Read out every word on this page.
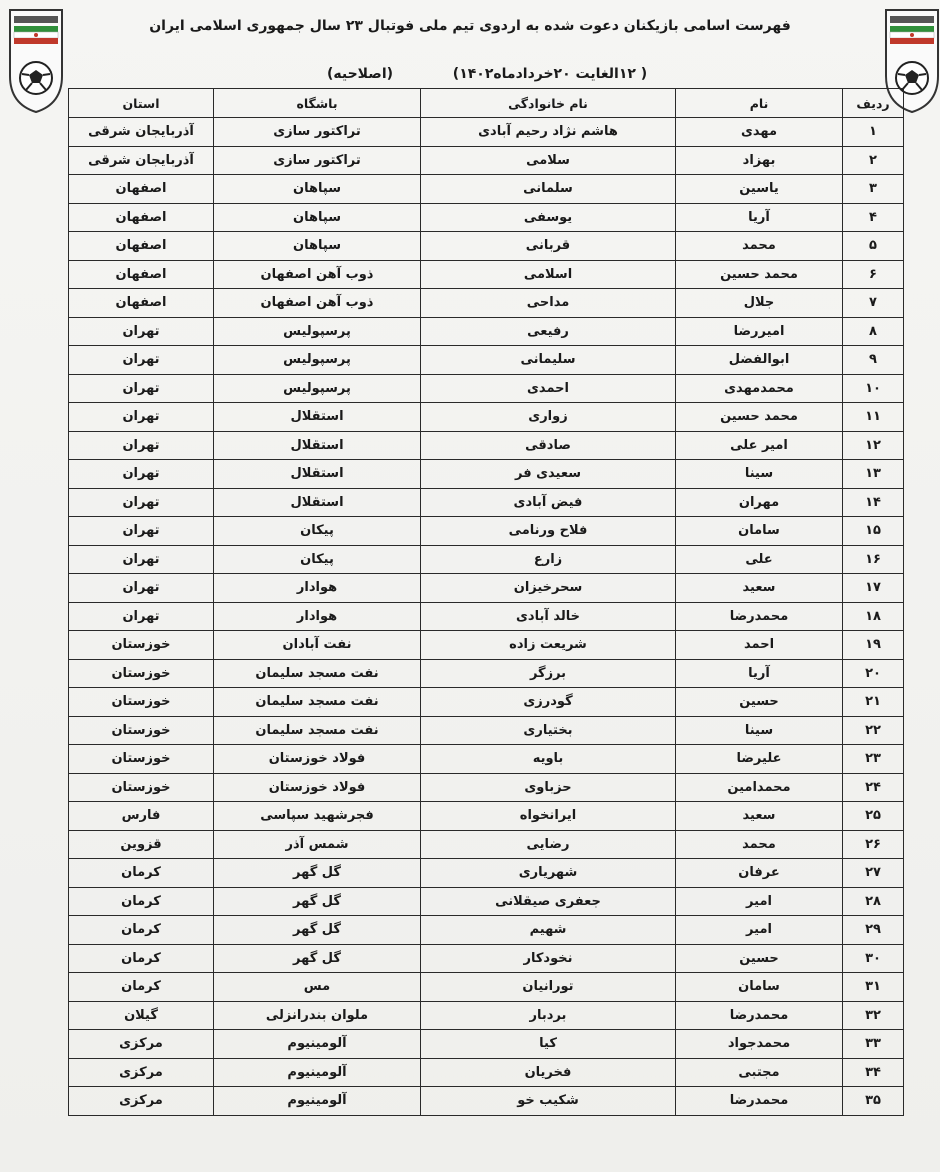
فهرست اسامی بازیکنان دعوت شده به اردوی تیم ملی فوتبال ۲۳ سال جمهوری اسلامی ایران
( ۱۲الغایت ۲۰خردادماه۱۴۰۲)
(اصلاحیه)
ردیف	نام	نام خانوادگی	باشگاه	استان
۱	مهدی	هاشم نژاد رحیم آبادی	تراکتور سازی	آذربایجان شرقی
۲	بهزاد	سلامی	تراکتور سازی	آذربایجان شرقی
۳	یاسین	سلمانی	سپاهان	اصفهان
۴	آریا	یوسفی	سپاهان	اصفهان
۵	محمد	قربانی	سپاهان	اصفهان
۶	محمد حسین	اسلامی	ذوب آهن اصفهان	اصفهان
۷	جلال	مداحی	ذوب آهن اصفهان	اصفهان
۸	امیررضا	رفیعی	پرسپولیس	تهران
۹	ابوالفضل	سلیمانی	پرسپولیس	تهران
۱۰	محمدمهدی	احمدی	پرسپولیس	تهران
۱۱	محمد حسین	زواری	استقلال	تهران
۱۲	امیر علی	صادقی	استقلال	تهران
۱۳	سینا	سعیدی فر	استقلال	تهران
۱۴	مهران	فیض آبادی	استقلال	تهران
۱۵	سامان	فلاح ورنامی	پیکان	تهران
۱۶	علی	زارع	پیکان	تهران
۱۷	سعید	سحرخیزان	هوادار	تهران
۱۸	محمدرضا	خالد آبادی	هوادار	تهران
۱۹	احمد	شریعت زاده	نفت آبادان	خوزستان
۲۰	آریا	برزگر	نفت مسجد سلیمان	خوزستان
۲۱	حسین	گودرزی	نفت مسجد سلیمان	خوزستان
۲۲	سینا	بختیاری	نفت مسجد سلیمان	خوزستان
۲۳	علیرضا	باویه	فولاد خوزستان	خوزستان
۲۴	محمدامین	حزباوی	فولاد خوزستان	خوزستان
۲۵	سعید	ایرانخواه	فجرشهید سپاسی	فارس
۲۶	محمد	رضایی	شمس آذر	قزوین
۲۷	عرفان	شهریاری	گل گهر	کرمان
۲۸	امیر	جعفری صیقلانی	گل گهر	کرمان
۲۹	امیر	شهیم	گل گهر	کرمان
۳۰	حسین	نخودکار	گل گهر	کرمان
۳۱	سامان	تورانیان	مس	کرمان
۳۲	محمدرضا	بردبار	ملوان بندرانزلی	گیلان
۳۳	محمدجواد	کیا	آلومینیوم	مرکزی
۳۴	مجتبی	فخریان	آلومینیوم	مرکزی
۳۵	محمدرضا	شکیب خو	آلومینیوم	مرکزی
